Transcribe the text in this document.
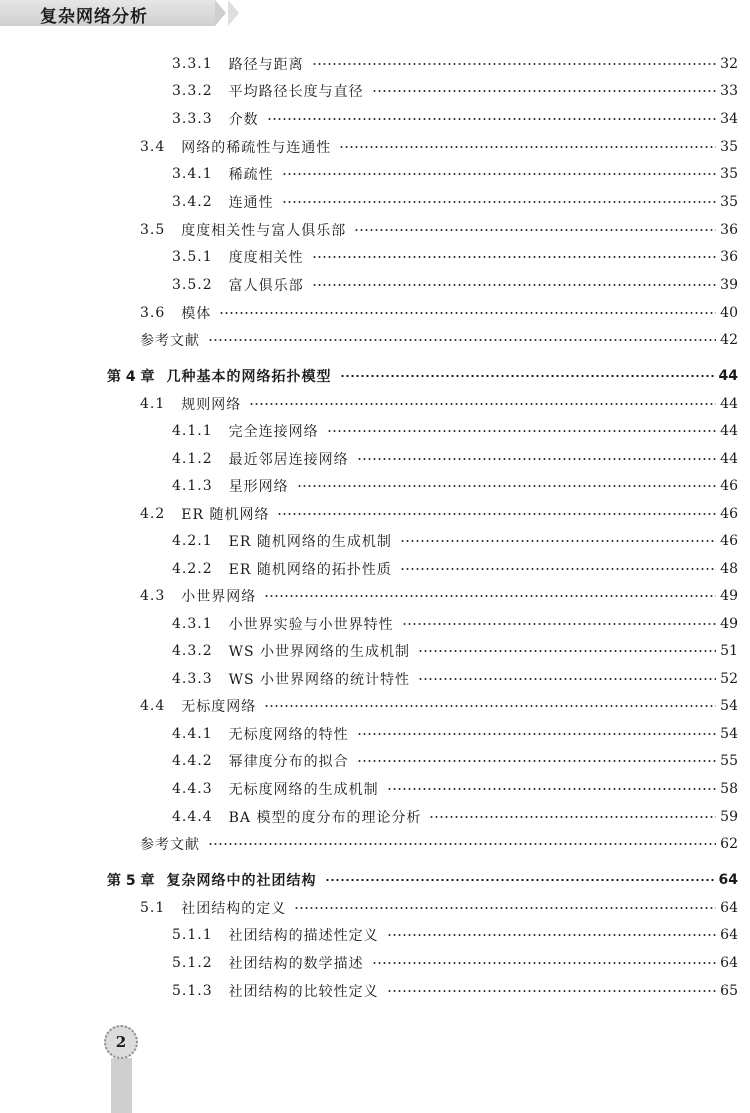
复杂网络分析
3.3.1	路径与距离	32
3.3.2	平均路径长度与直径	33
3.3.3	介数	34
3.4	网络的稀疏性与连通性	35
3.4.1	稀疏性	35
3.4.2	连通性	35
3.5	度度相关性与富人俱乐部	36
3.5.1	度度相关性	36
3.5.2	富人俱乐部	39
3.6	模体	40
参考文献	42
第 4 章 几种基本的网络拓扑模型	44
4.1	规则网络	44
4.1.1	完全连接网络	44
4.1.2	最近邻居连接网络	44
4.1.3	星形网络	46
4.2	ER 随机网络	46
4.2.1	ER 随机网络的生成机制	46
4.2.2	ER 随机网络的拓扑性质	48
4.3	小世界网络	49
4.3.1	小世界实验与小世界特性	49
4.3.2	WS 小世界网络的生成机制	51
4.3.3	WS 小世界网络的统计特性	52
4.4	无标度网络	54
4.4.1	无标度网络的特性	54
4.4.2	幂律度分布的拟合	55
4.4.3	无标度网络的生成机制	58
4.4.4	BA 模型的度分布的理论分析	59
参考文献	62
第 5 章 复杂网络中的社团结构	64
5.1	社团结构的定义	64
5.1.1	社团结构的描述性定义	64
5.1.2	社团结构的数学描述	64
5.1.3	社团结构的比较性定义	65
2
